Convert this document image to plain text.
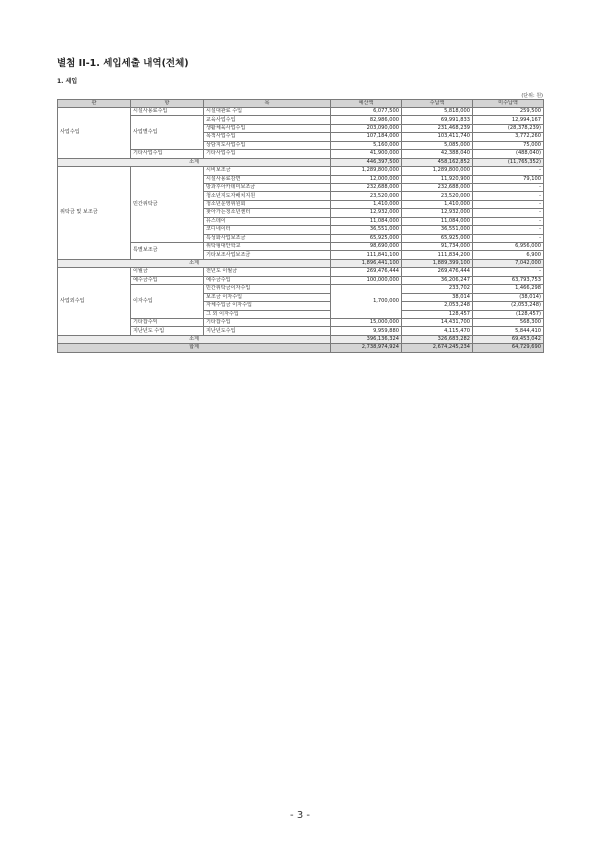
별첨 II-1. 세입세출 내역(전체)
1. 세입
(단위: 원)
관	항	목	예산액	수납액	미수납액
사업수입	시설사용료수입	시설대관료 수입	6,077,500	5,818,000	259,500
	사업별수입	교육사업수입	82,986,000	69,991,833	12,994,167
		생활체육사업수입	203,090,000	231,468,239	(28,378,239)
		목적사업수입	107,184,000	103,411,740	3,772,260
		상담지도사업수입	5,160,000	5,085,000	75,000
	기타사업수입	기타사업수입	41,900,000	42,388,040	(488,040)
소계			446,397,500	458,162,852	(11,765,352)
위탁금 및 보조금	민간위탁금	시비보조금	1,289,800,000	1,289,800,000	-
		시설사용료감면	12,000,000	11,920,900	79,100
		방과후아카데미보조금	232,688,000	232,688,000	-
		청소년지도자배치지원	23,520,000	23,520,000	-
		청소년운영위원회	1,410,000	1,410,000	-
		찾아가는청소년센터	12,932,000	12,932,000	-
		유스데이	11,084,000	11,084,000	-
		코디네이터	36,551,000	36,551,000	-
		특성화사업보조금	65,925,000	65,925,000	-
	특별보조금	위탁형대안학교	98,690,000	91,734,000	6,956,000
		기타보조사업보조금	111,841,100	111,834,200	6,900
소계			1,896,441,100	1,889,399,100	7,042,000
사업외수입	이월금	전년도 이월금	269,476,444	269,476,444	-
	예수금수입	예수금수입	100,000,000	36,206,247	63,793,753
	이자수입	민간위탁금이자수입	1,700,000	233,702	1,466,298
		보조금 이자수입		38,014	(38,014)
		자체수입금 이자수입		2,053,248	(2,053,248)
		그 외 이자수입		128,457	(128,457)
	기타잡수익	기타잡수입	15,000,000	14,431,700	568,300
	지난년도 수입	지난년도수입	9,959,880	4,115,470	5,844,410
소계			396,136,324	326,683,282	69,453,042
합계			2,738,974,924	2,674,245,234	64,729,690
- 3 -
